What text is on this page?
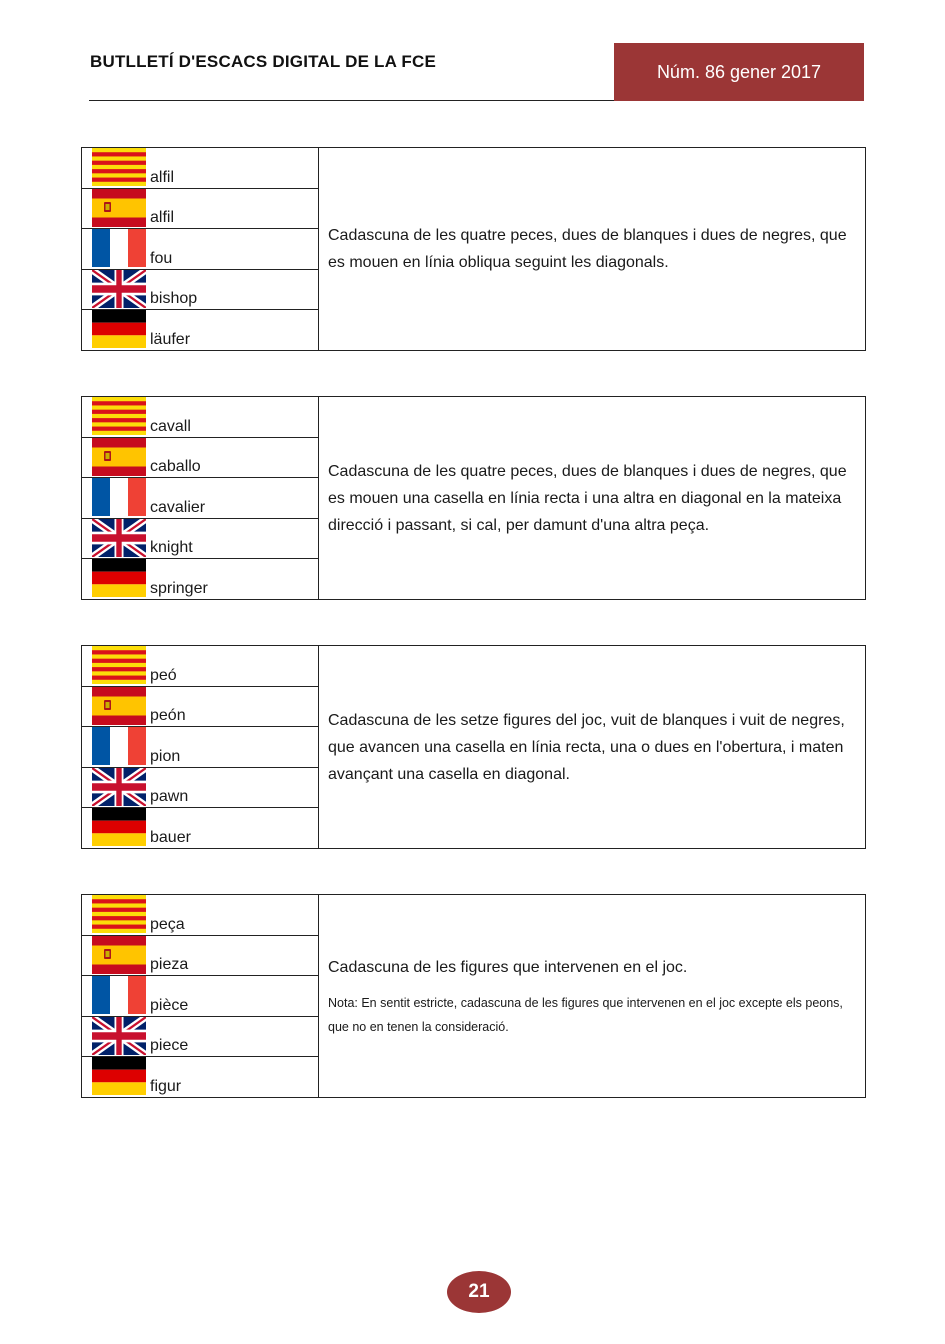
BUTLLETÍ D'ESCACS DIGITAL DE LA FCE	Núm. 86 gener 2017
alfil
alfil
fou
bishop
läufer
Cadascuna de les quatre peces, dues de blanques i dues de negres, que es mouen en línia obliqua seguint les diagonals.
cavall
caballo
cavalier
knight
springer
Cadascuna de les quatre peces, dues de blanques i dues de negres, que es mouen una casella en línia recta i una altra en diagonal en la mateixa direcció i passant, si cal, per damunt d'una altra peça.
peó
peón
pion
pawn
bauer
Cadascuna de les setze figures del joc, vuit de blanques i vuit de negres, que avancen una casella en línia recta, una o dues en l'obertura, i maten avançant una casella en diagonal.
peça
pieza
pièce
piece
figur
Cadascuna de les figures que intervenen en el joc.
Nota: En sentit estricte, cadascuna de les figures que intervenen en el joc excepte els peons, que no en tenen la consideració.
21
